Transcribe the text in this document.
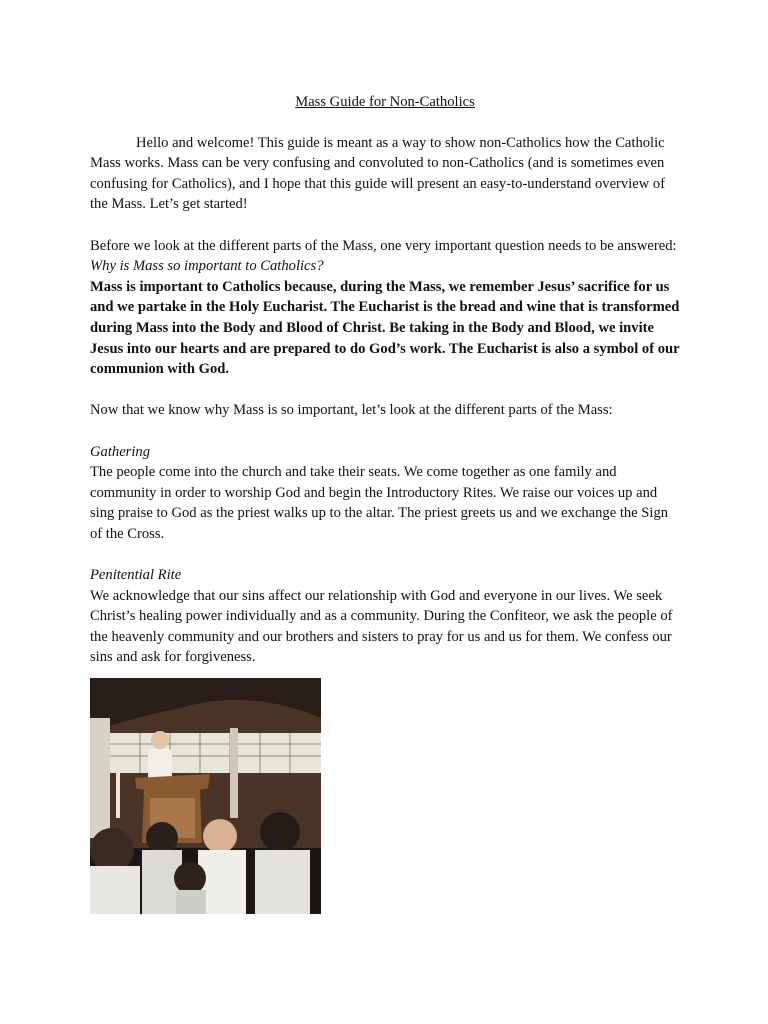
Mass Guide for Non-Catholics

Hello and welcome! This guide is meant as a way to show non-Catholics how the Catholic Mass works. Mass can be very confusing and convoluted to non-Catholics (and is sometimes even confusing for Catholics), and I hope that this guide will present an easy-to-understand overview of the Mass. Let’s get started!

Before we look at the different parts of the Mass, one very important question needs to be answered:

Why is Mass so important to Catholics?

Mass is important to Catholics because, during the Mass, we remember Jesus’ sacrifice for us and we partake in the Holy Eucharist. The Eucharist is the bread and wine that is transformed during Mass into the Body and Blood of Christ. Be taking in the Body and Blood, we invite Jesus into our hearts and are prepared to do God’s work. The Eucharist is also a symbol of our communion with God.

Now that we know why Mass is so important, let’s look at the different parts of the Mass:

Gathering

The people come into the church and take their seats. We come together as one family and community in order to worship God and begin the Introductory Rites. We raise our voices up and sing praise to God as the priest walks up to the altar. The priest greets us and we exchange the Sign of the Cross.

Penitential Rite

We acknowledge that our sins affect our relationship with God and everyone in our lives. We seek Christ’s healing power individually and as a community. During the Confiteor, we ask the people of the heavenly community and our brothers and sisters to pray for us and us for them. We confess our sins and ask for forgiveness.
